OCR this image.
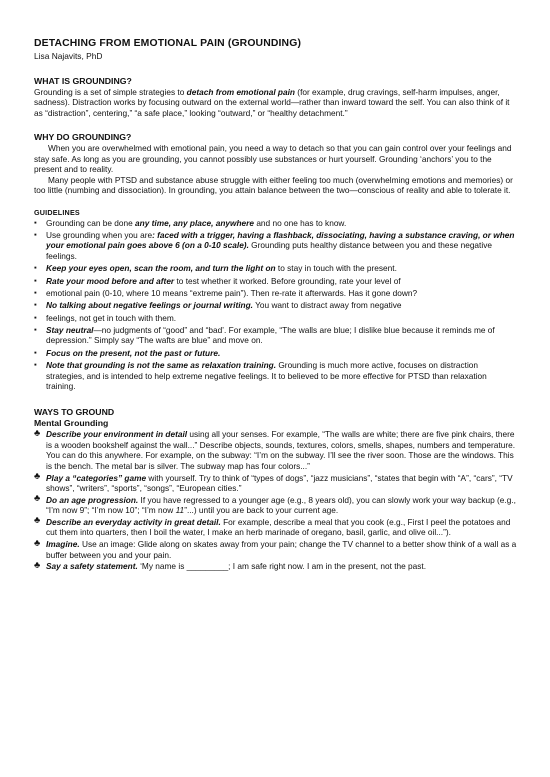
DETACHING FROM EMOTIONAL PAIN (GROUNDING)
Lisa Najavits, PhD
WHAT IS GROUNDING?

Grounding is a set of simple strategies to detach from emotional pain (for example, drug cravings, self-harm impulses, anger, sadness). Distraction works by focusing outward on the external world—rather than inward toward the self. You can also think of it as “distraction”, centering,” “a safe place,” looking “outward,” or “healthy detachment.”

WHY DO GROUNDING?

When you are overwhelmed with emotional pain, you need a way to detach so that you can gain control over your feelings and stay safe. As long as you are grounding, you cannot possibly use substances or hurt yourself. Grounding ‘anchors’ you to the present and to reality.

Many people with PTSD and substance abuse struggle with either feeling too much (overwhelming emotions and memories) or too little (numbing and dissociation). In grounding, you attain balance between the two—conscious of reality and able to tolerate it.

GUIDELINES
▪	Grounding can be done any time, any place, anywhere and no one has to know.
▪	Use grounding when you are: faced with a trigger, having a flashback, dissociating, having a substance craving, or when your emotional pain goes above 6 (on a 0-10 scale). Grounding puts healthy distance between you and these negative feelings.
▪	Keep your eyes open, scan the room, and turn the light on to stay in touch with the present.
▪	Rate your mood before and after to test whether it worked. Before grounding, rate your level of
▪	emotional pain (0-10, where 10 means “extreme pain”). Then re-rate it afterwards. Has it gone down?
▪	No talking about negative feelings or journal writing. You want to distract away from negative
▪	feelings, not get in touch with them.
▪	Stay neutral—no judgments of “good” and “bad’. For example, “The walls are blue; I dislike blue because it reminds me of depression.” Simply say “The wafts are blue” and move on.
▪	Focus on the present, not the past or future.
▪	Note that grounding is not the same as relaxation training. Grounding is much more active, focuses on distraction strategies, and is intended to help extreme negative feelings. It to believed to be more effective for PTSD than relaxation training.
WAYS TO GROUND
Mental Grounding
♣ Describe your environment in detail using all your senses. For example, “The walls are white; there are five pink chairs, there is a wooden bookshelf against the wall...” Describe objects, sounds, textures, colors, smells, shapes, numbers and temperature. You can do this anywhere. For example, on the subway: “I’m on the subway. I’ll see the river soon. Those are the windows. This is the bench. The metal bar is silver. The subway map has four colors...”
♣ Play a “categories” game with yourself. Try to think of “types of dogs”, “jazz musicians”, “states that begin with “A”, “cars”, “TV shows”, “writers”, “sports”, “songs”, “European cities.”
♣ Do an age progression. If you have regressed to a younger age (e.g., 8 years old), you can slowly work your way backup (e.g., “I’m now 9”; “I’m now 10”; “I’m now 11”...) until you are back to your current age.
♣ Describe an everyday activity in great detail. For example, describe a meal that you cook (e.g., First I peel the potatoes and cut them into quarters, then I boil the water, I make an herb marinade of oregano, basil, garlic, and olive oil...”).
♣ Imagine. Use an image: Glide along on skates away from your pain; change the TV channel to a better show think of a wall as a buffer between you and your pain.
♣ Say a safety statement. ‘My name is _________; I am safe right now. I am in the present, not the past.
